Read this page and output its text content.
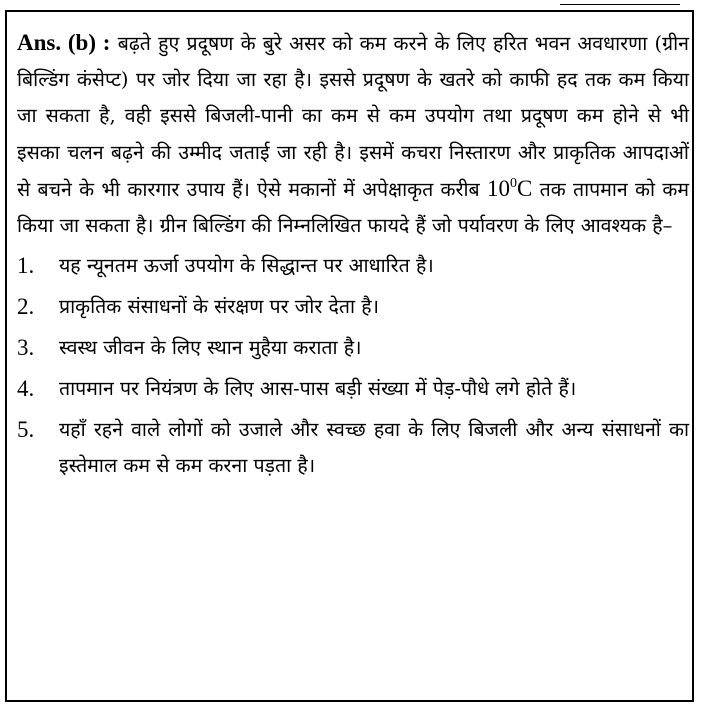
Ans. (b) : बढ़ते हुए प्रदूषण के बुरे असर को कम करने के लिए हरित भवन अवधारणा (ग्रीन बिल्डिंग कंसेप्ट) पर जोर दिया जा रहा है। इससे प्रदूषण के खतरे को काफी हद तक कम किया जा सकता है, वही इससे बिजली-पानी का कम से कम उपयोग तथा प्रदूषण कम होने से भी इसका चलन बढ़ने की उम्मीद जताई जा रही है। इसमें कचरा निस्तारण और प्राकृतिक आपदाओं से बचने के भी कारगार उपाय हैं। ऐसे मकानों में अपेक्षाकृत करीब $10^0C$ तक तापमान को कम किया जा सकता है। ग्रीन बिल्डिंग की निम्नलिखित फायदे हैं जो पर्यावरण के लिए आवश्यक है–

1.	यह न्यूनतम ऊर्जा उपयोग के सिद्धान्त पर आधारित है।
2.	प्राकृतिक संसाधनों के संरक्षण पर जोर देता है।
3.	स्वस्थ जीवन के लिए स्थान मुहैया कराता है।
4.	तापमान पर नियंत्रण के लिए आस-पास बड़ी संख्या में पेड़-पौधे लगे होते हैं।
5.	यहाँ रहने वाले लोगों को उजाले और स्वच्छ हवा के लिए बिजली और अन्य संसाधनों का इस्तेमाल कम से कम करना पड़ता है।
